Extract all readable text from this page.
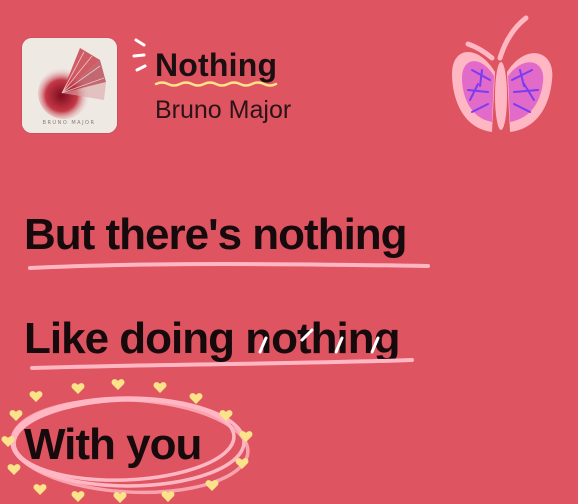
BRUNO MAJOR
Nothing

Bruno Major

But there's nothing

Like doing nothing

With you
